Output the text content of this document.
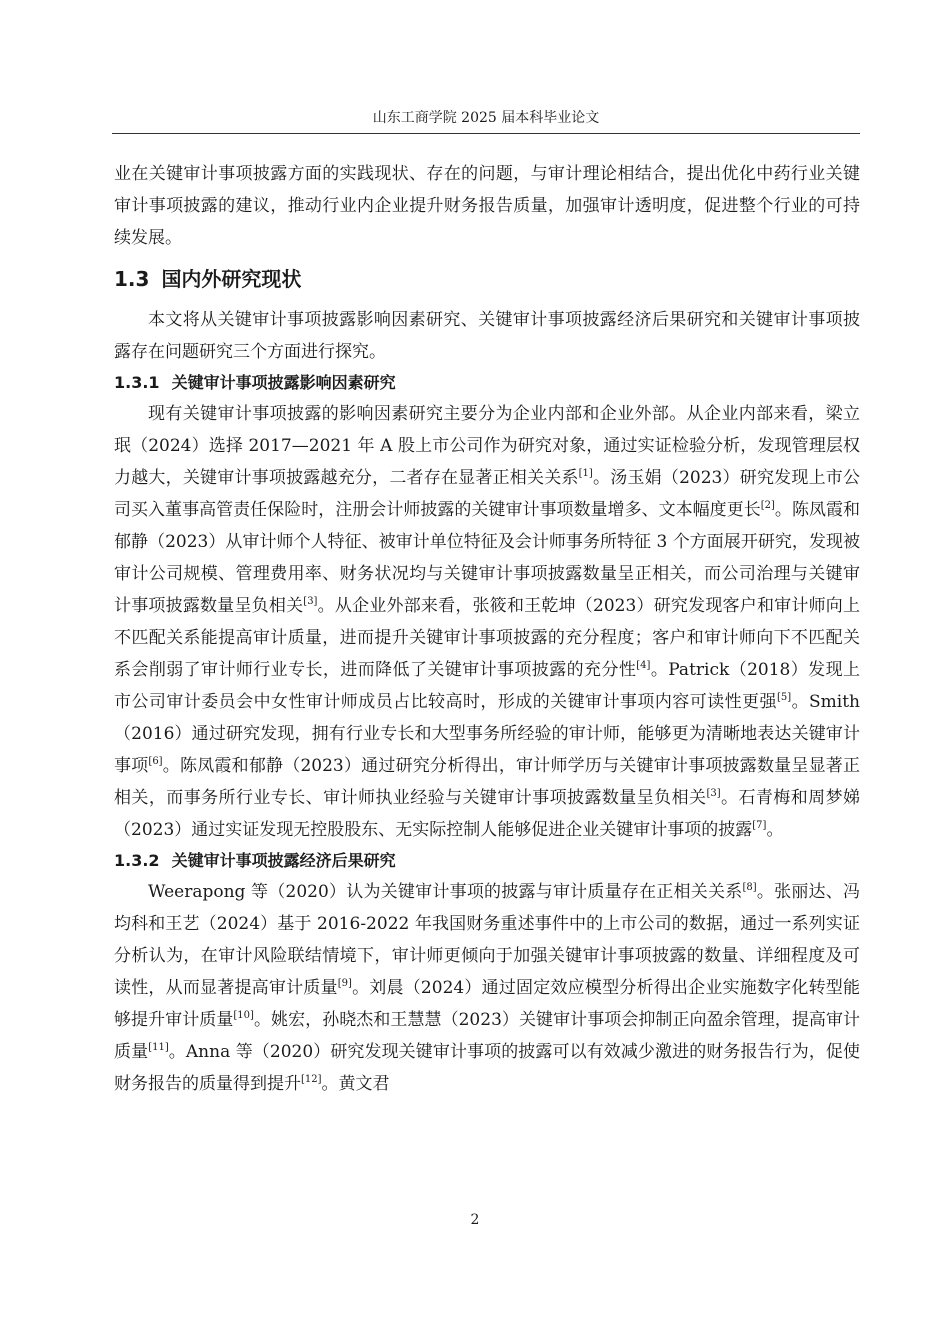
山东工商学院 2025 届本科毕业论文

业在关键审计事项披露方面的实践现状、存在的问题，与审计理论相结合，提出优化中药行业关键审计事项披露的建议，推动行业内企业提升财务报告质量，加强审计透明度，促进整个行业的可持续发展。

1.3 国内外研究现状

本文将从关键审计事项披露影响因素研究、关键审计事项披露经济后果研究和关键审计事项披露存在问题研究三个方面进行探究。

1.3.1 关键审计事项披露影响因素研究

现有关键审计事项披露的影响因素研究主要分为企业内部和企业外部。从企业内部来看，梁立珉（2024）选择 2017—2021 年 A 股上市公司作为研究对象，通过实证检验分析，发现管理层权力越大，关键审计事项披露越充分，二者存在显著正相关关系[1]。汤玉娟（2023）研究发现上市公司买入董事高管责任保险时，注册会计师披露的关键审计事项数量增多、文本幅度更长[2]。陈凤霞和郁静（2023）从审计师个人特征、被审计单位特征及会计师事务所特征 3 个方面展开研究，发现被审计公司规模、管理费用率、财务状况均与关键审计事项披露数量呈正相关，而公司治理与关键审计事项披露数量呈负相关[3]。从企业外部来看，张筱和王乾坤（2023）研究发现客户和审计师向上不匹配关系能提高审计质量，进而提升关键审计事项披露的充分程度；客户和审计师向下不匹配关系会削弱了审计师行业专长，进而降低了关键审计事项披露的充分性[4]。Patrick（2018）发现上市公司审计委员会中女性审计师成员占比较高时，形成的关键审计事项内容可读性更强[5]。Smith（2016）通过研究发现，拥有行业专长和大型事务所经验的审计师，能够更为清晰地表达关键审计事项[6]。陈凤霞和郁静（2023）通过研究分析得出，审计师学历与关键审计事项披露数量呈显著正相关，而事务所行业专长、审计师执业经验与关键审计事项披露数量呈负相关[3]。石青梅和周梦娣（2023）通过实证发现无控股股东、无实际控制人能够促进企业关键审计事项的披露[7]。

1.3.2 关键审计事项披露经济后果研究

Weerapong 等（2020）认为关键审计事项的披露与审计质量存在正相关关系[8]。张丽达、冯均科和王艺（2024）基于 2016-2022 年我国财务重述事件中的上市公司的数据，通过一系列实证分析认为，在审计风险联结情境下，审计师更倾向于加强关键审计事项披露的数量、详细程度及可读性，从而显著提高审计质量[9]。刘晨（2024）通过固定效应模型分析得出企业实施数字化转型能够提升审计质量[10]。姚宏，孙晓杰和王慧慧（2023）关键审计事项会抑制正向盈余管理，提高审计质量[11]。Anna 等（2020）研究发现关键审计事项的披露可以有效减少激进的财务报告行为，促使财务报告的质量得到提升[12]。黄文君

2
